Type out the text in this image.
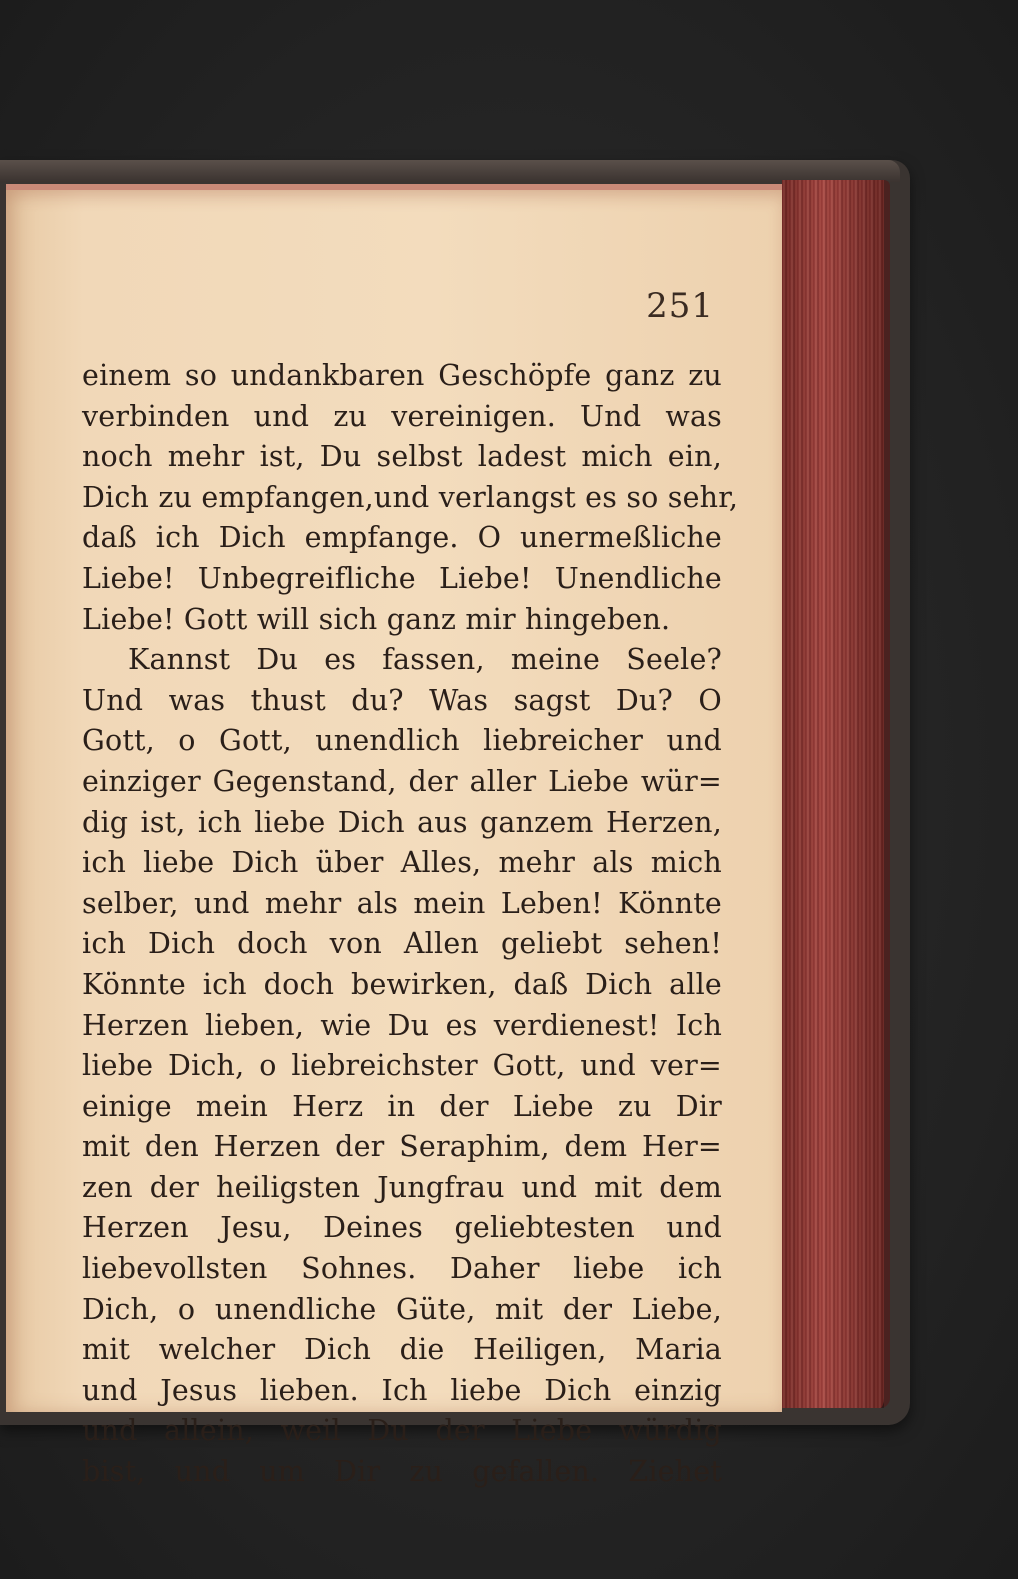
251
einem so undankbaren Geschöpfe ganz zu
verbinden und zu vereinigen. Und was
noch mehr ist, Du selbst ladest mich ein,
Dich zu empfangen,und verlangst es so sehr,
daß ich Dich empfange. O unermeßliche
Liebe! Unbegreifliche Liebe! Unendliche
Liebe! Gott will sich ganz mir hingeben.
Kannst Du es fassen, meine Seele?
Und was thust du? Was sagst Du? O
Gott, o Gott, unendlich liebreicher und
einziger Gegenstand, der aller Liebe wür=
dig ist, ich liebe Dich aus ganzem Herzen,
ich liebe Dich über Alles, mehr als mich
selber, und mehr als mein Leben! Könnte
ich Dich doch von Allen geliebt sehen!
Könnte ich doch bewirken, daß Dich alle
Herzen lieben, wie Du es verdienest! Ich
liebe Dich, o liebreichster Gott, und ver=
einige mein Herz in der Liebe zu Dir
mit den Herzen der Seraphim, dem Her=
zen der heiligsten Jungfrau und mit dem
Herzen Jesu, Deines geliebtesten und
liebevollsten Sohnes. Daher liebe ich
Dich, o unendliche Güte, mit der Liebe,
mit welcher Dich die Heiligen, Maria
und Jesus lieben. Ich liebe Dich einzig
und allein, weil Du der Liebe würdig
bist, und um Dir zu gefallen. Ziehet
